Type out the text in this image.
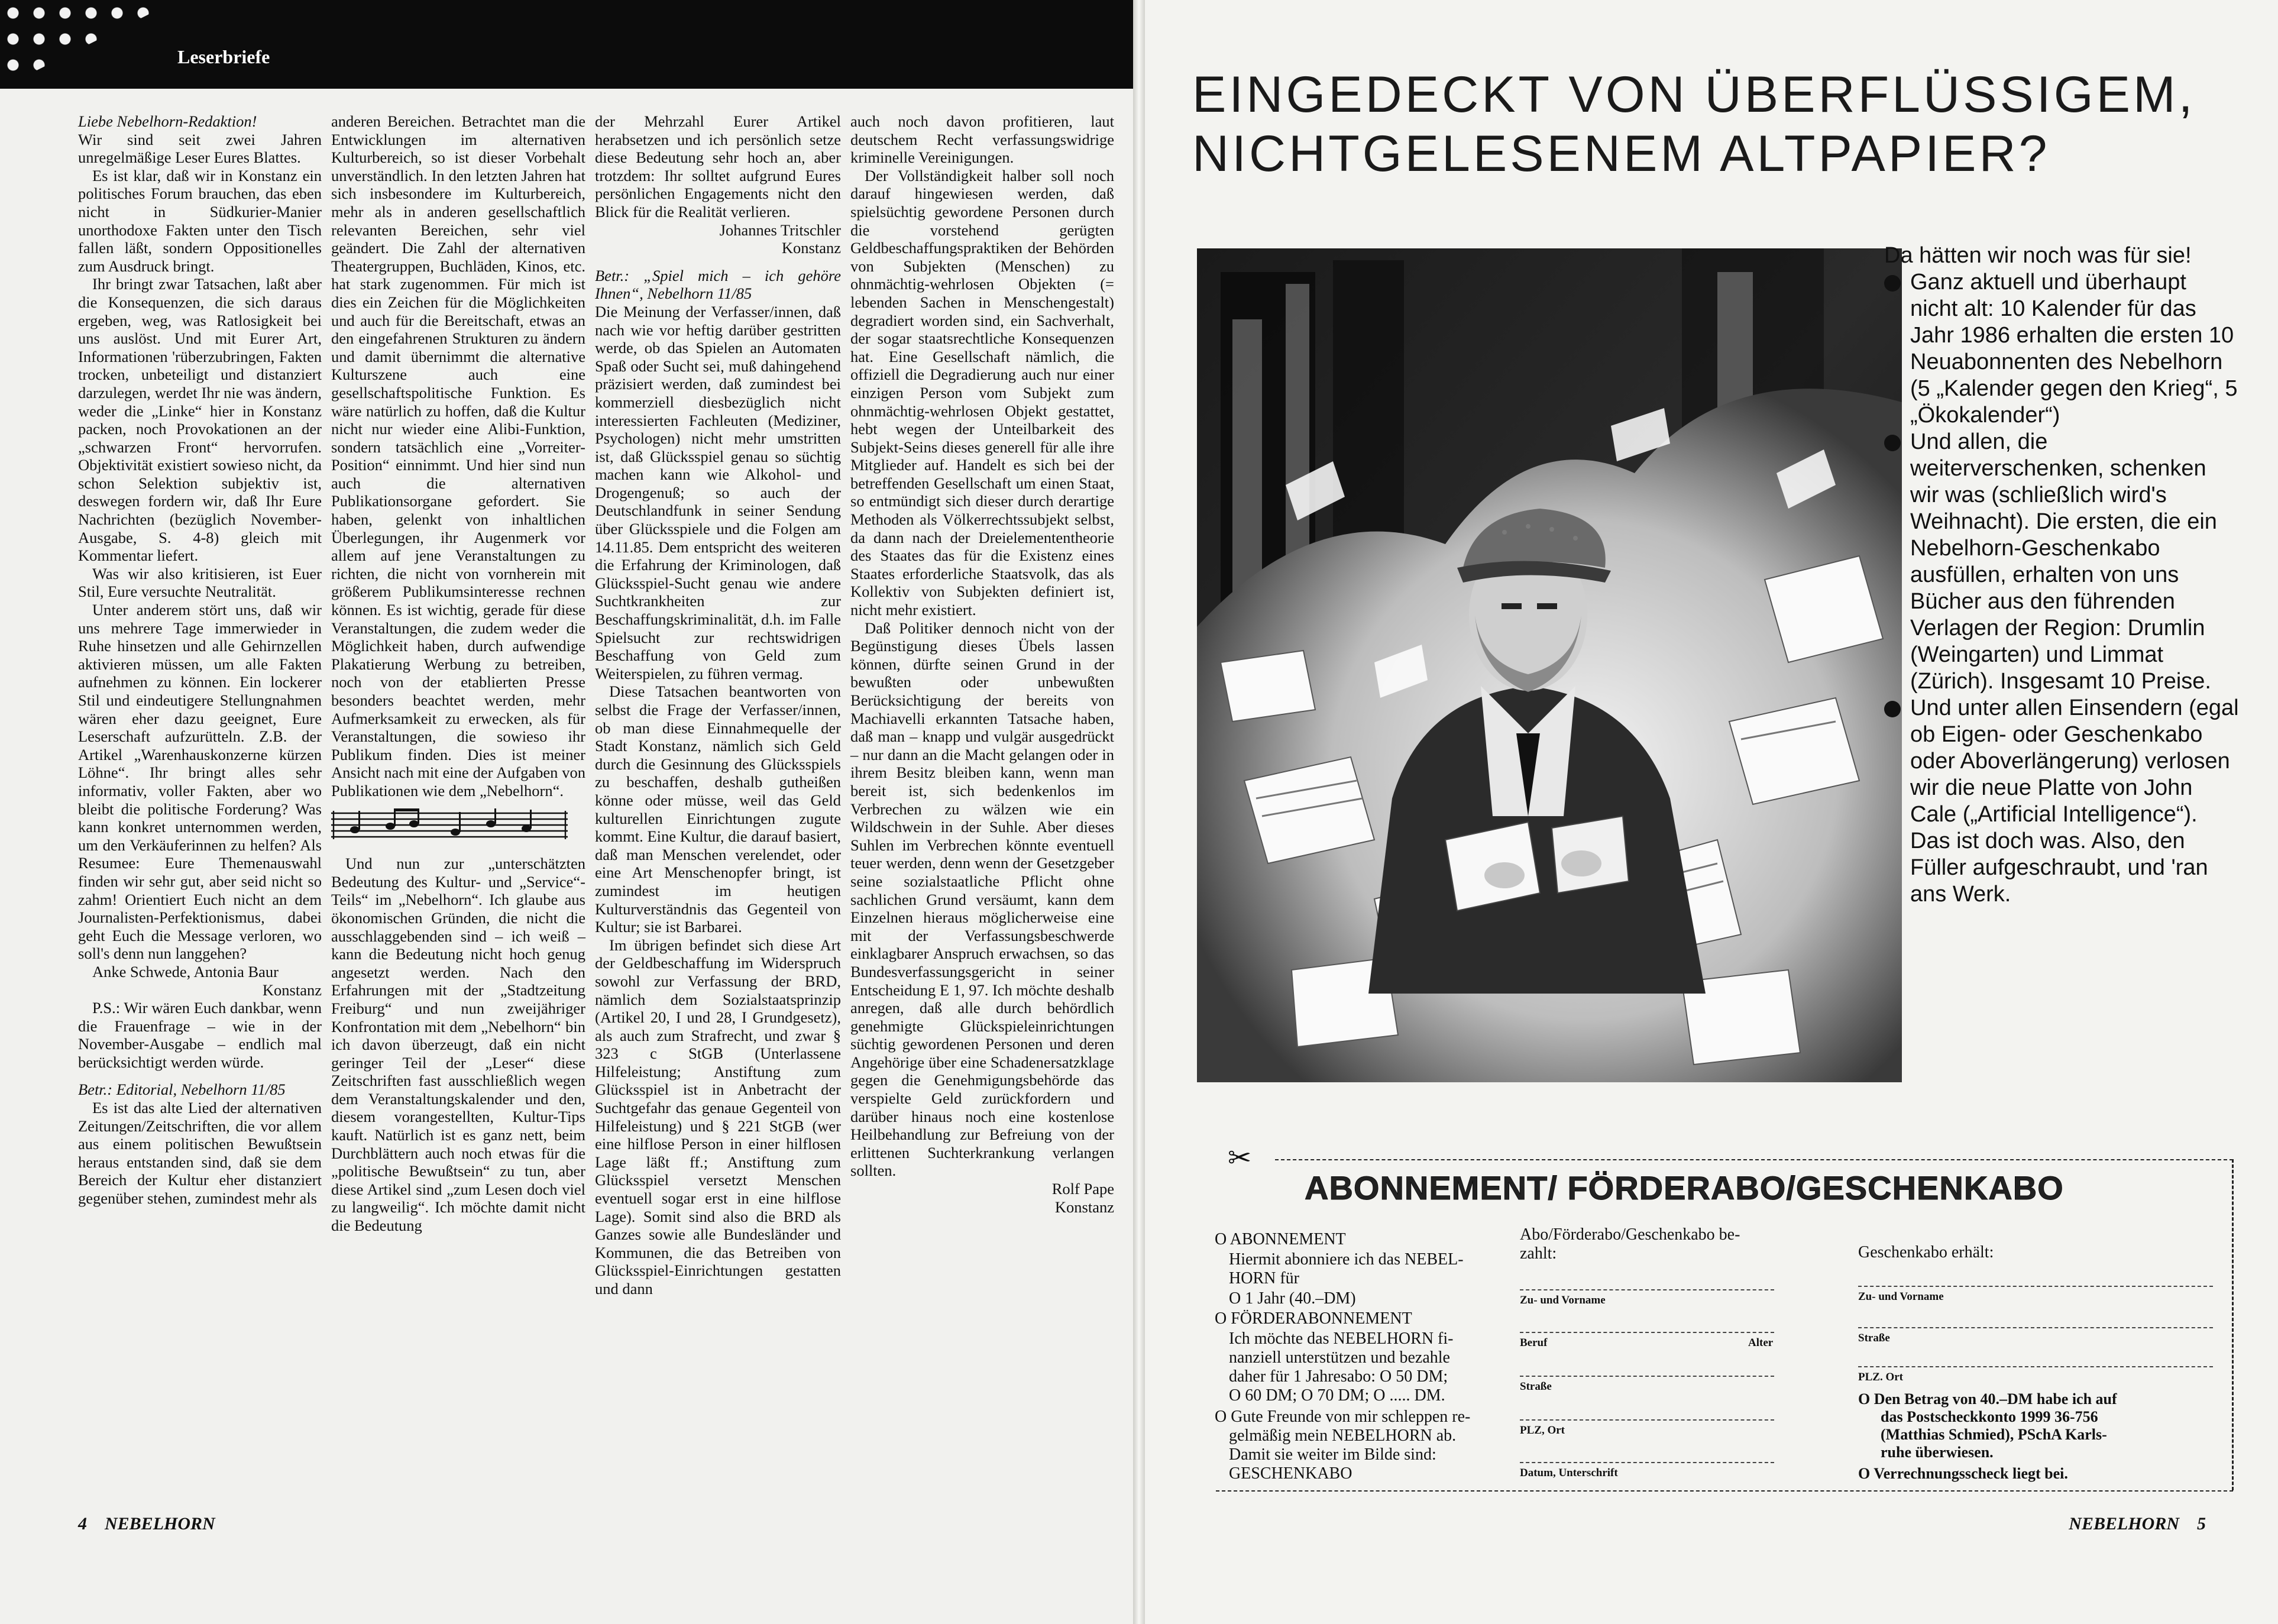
Leserbriefe

Liebe Nebelhorn-Redaktion!

Wir sind seit zwei Jahren unregelmäßige Leser Eures Blattes.

Es ist klar, daß wir in Konstanz ein politisches Forum brauchen, das eben nicht in Südkurier-Manier unorthodoxe Fakten unter den Tisch fallen läßt, sondern Oppositionelles zum Ausdruck bringt.

Ihr bringt zwar Tatsachen, laßt aber die Konsequenzen, die sich daraus ergeben, weg, was Ratlosigkeit bei uns auslöst. Und mit Eurer Art, Informationen 'rüberzubringen, Fakten trocken, unbeteiligt und distanziert darzulegen, werdet Ihr nie was ändern, weder die „Linke“ hier in Konstanz packen, noch Provokationen an der „schwarzen Front“ hervorrufen. Objektivität existiert sowieso nicht, da schon Selektion subjektiv ist, deswegen fordern wir, daß Ihr Eure Nachrichten (bezüglich November-Ausgabe, S. 4-8) gleich mit Kommentar liefert.

Was wir also kritisieren, ist Euer Stil, Eure versuchte Neutralität.

Unter anderem stört uns, daß wir uns mehrere Tage immerwieder in Ruhe hinsetzen und alle Gehirnzellen aktivieren müssen, um alle Fakten aufnehmen zu können. Ein lockerer Stil und eindeutigere Stellungnahmen wären eher dazu geeignet, Eure Leserschaft aufzurütteln. Z.B. der Artikel „Warenhauskonzerne kürzen Löhne“. Ihr bringt alles sehr informativ, voller Fakten, aber wo bleibt die politische Forderung? Was kann konkret unternommen werden, um den Verkäuferinnen zu helfen? Als Resumee: Eure Themenauswahl finden wir sehr gut, aber seid nicht so zahm! Orientiert Euch nicht an dem Journalisten-Perfektionismus, dabei geht Euch die Message verloren, wo soll's denn nun langgehen?

Anke Schwede, Antonia Baur

Konstanz

P.S.: Wir wären Euch dankbar, wenn die Frauenfrage – wie in der November-Ausgabe – endlich mal berücksichtigt werden würde.

Betr.: Editorial, Nebelhorn 11/85

Es ist das alte Lied der alternativen Zeitungen/Zeitschriften, die vor allem aus einem politischen Bewußtsein heraus entstanden sind, daß sie dem Bereich der Kultur eher distanziert gegenüber stehen, zumindest mehr als

anderen Bereichen. Betrachtet man die Entwicklungen im alternativen Kulturbereich, so ist dieser Vorbehalt unverständlich. In den letzten Jahren hat sich insbesondere im Kulturbereich, mehr als in anderen gesellschaftlich relevanten Bereichen, sehr viel geändert. Die Zahl der alternativen Theatergruppen, Buchläden, Kinos, etc. hat stark zugenommen. Für mich ist dies ein Zeichen für die Möglichkeiten und auch für die Bereitschaft, etwas an den eingefahrenen Strukturen zu ändern und damit übernimmt die alternative Kulturszene auch eine gesellschaftspolitische Funktion. Es wäre natürlich zu hoffen, daß die Kultur nicht nur wieder eine Alibi-Funktion, sondern tatsächlich eine „Vorreiter-Position“ einnimmt. Und hier sind nun auch die alternativen Publikationsorgane gefordert. Sie haben, gelenkt von inhaltlichen Überlegungen, ihr Augenmerk vor allem auf jene Veranstaltungen zu richten, die nicht von vornherein mit größerem Publikumsinteresse rechnen können. Es ist wichtig, gerade für diese Veranstaltungen, die zudem weder die Möglichkeit haben, durch aufwendige Plakatierung Werbung zu betreiben, noch von der etablierten Presse besonders beachtet werden, mehr Aufmerksamkeit zu erwecken, als für Veranstaltungen, die sowieso ihr Publikum finden. Dies ist meiner Ansicht nach mit eine der Aufgaben von Publikationen wie dem „Nebelhorn“.

Und nun zur „unterschätzten Bedeutung des Kultur- und „Service“-Teils“ im „Nebelhorn“. Ich glaube aus ökonomischen Gründen, die nicht die ausschlaggebenden sind – ich weiß – kann die Bedeutung nicht hoch genug angesetzt werden. Nach den Erfahrungen mit der „Stadtzeitung Freiburg“ und nun zweijähriger Konfrontation mit dem „Nebelhorn“ bin ich davon überzeugt, daß ein nicht geringer Teil der „Leser“ diese Zeitschriften fast ausschließlich wegen dem Veranstaltungskalender und den, diesem vorangestellten, Kultur-Tips kauft. Natürlich ist es ganz nett, beim Durchblättern auch noch etwas für die „politische Bewußtsein“ zu tun, aber diese Artikel sind „zum Lesen doch viel zu langweilig“. Ich möchte damit nicht die Bedeutung

der Mehrzahl Eurer Artikel herabsetzen und ich persönlich setze diese Bedeutung sehr hoch an, aber trotzdem: Ihr solltet aufgrund Eures persönlichen Engagements nicht den Blick für die Realität verlieren.

Johannes Tritschler

Konstanz

Betr.: „Spiel mich – ich gehöre Ihnen“, Nebelhorn 11/85

Die Meinung der Verfasser/innen, daß nach wie vor heftig darüber gestritten werde, ob das Spielen an Automaten Spaß oder Sucht sei, muß dahingehend präzisiert werden, daß zumindest bei kommerziell diesbezüglich nicht interessierten Fachleuten (Mediziner, Psychologen) nicht mehr umstritten ist, daß Glücksspiel genau so süchtig machen kann wie Alkohol- und Drogengenuß; so auch der Deutschlandfunk in seiner Sendung über Glücksspiele und die Folgen am 14.11.85. Dem entspricht des weiteren die Erfahrung der Kriminologen, daß Glücksspiel-Sucht genau wie andere Suchtkrankheiten zur Beschaffungskriminalität, d.h. im Falle Spielsucht zur rechtswidrigen Beschaffung von Geld zum Weiterspielen, zu führen vermag.

Diese Tatsachen beantworten von selbst die Frage der Verfasser/innen, ob man diese Einnahmequelle der Stadt Konstanz, nämlich sich Geld durch die Gesinnung des Glücksspiels zu beschaffen, deshalb gutheißen könne oder müsse, weil das Geld kulturellen Einrichtungen zugute kommt. Eine Kultur, die darauf basiert, daß man Menschen verelendet, oder eine Art Menschenopfer bringt, ist zumindest im heutigen Kulturverständnis das Gegenteil von Kultur; sie ist Barbarei.

Im übrigen befindet sich diese Art der Geldbeschaffung im Widerspruch sowohl zur Verfassung der BRD, nämlich dem Sozialstaatsprinzip (Artikel 20, I und 28, I Grundgesetz), als auch zum Strafrecht, und zwar § 323 c StGB (Unterlassene Hilfeleistung; Anstiftung zum Glücksspiel ist in Anbetracht der Suchtgefahr das genaue Gegenteil von Hilfeleistung) und § 221 StGB (wer eine hilflose Person in einer hilflosen Lage läßt ff.; Anstiftung zum Glücksspiel versetzt Menschen eventuell sogar erst in eine hilflose Lage). Somit sind also die BRD als Ganzes sowie alle Bundesländer und Kommunen, die das Betreiben von Glücksspiel-Einrichtungen gestatten und dann

auch noch davon profitieren, laut deutschem Recht verfassungswidrige kriminelle Vereinigungen.

Der Vollständigkeit halber soll noch darauf hingewiesen werden, daß spielsüchtig gewordene Personen durch die vorstehend gerügten Geldbeschaffungspraktiken der Behörden von Subjekten (Menschen) zu ohnmächtig-wehrlosen Objekten (= lebenden Sachen in Menschengestalt) degradiert worden sind, ein Sachverhalt, der sogar staatsrechtliche Konsequenzen hat. Eine Gesellschaft nämlich, die offiziell die Degradierung auch nur einer einzigen Person vom Subjekt zum ohnmächtig-wehrlosen Objekt gestattet, hebt wegen der Unteilbarkeit des Subjekt-Seins dieses generell für alle ihre Mitglieder auf. Handelt es sich bei der betreffenden Gesellschaft um einen Staat, so entmündigt sich dieser durch derartige Methoden als Völkerrechtssubjekt selbst, da dann nach der Dreielemententheorie des Staates das für die Existenz eines Staates erforderliche Staatsvolk, das als Kollektiv von Subjekten definiert ist, nicht mehr existiert.

Daß Politiker dennoch nicht von der Begünstigung dieses Übels lassen können, dürfte seinen Grund in der bewußten oder unbewußten Berücksichtigung der bereits von Machiavelli erkannten Tatsache haben, daß man – knapp und vulgär ausgedrückt – nur dann an die Macht gelangen oder in ihrem Besitz bleiben kann, wenn man bereit ist, sich bedenkenlos im Verbrechen zu wälzen wie ein Wildschwein in der Suhle. Aber dieses Suhlen im Verbrechen könnte eventuell teuer werden, denn wenn der Gesetzgeber seine sozialstaatliche Pflicht ohne sachlichen Grund versäumt, kann dem Einzelnen hieraus möglicherweise eine mit der Verfassungsbeschwerde einklagbarer Anspruch erwachsen, so das Bundesverfassungsgericht in seiner Entscheidung E 1, 97. Ich möchte deshalb anregen, daß alle durch behördlich genehmigte Glückspieleinrichtungen süchtig gewordenen Personen und deren Angehörige über eine Schadenersatzklage gegen die Genehmigungsbehörde das verspielte Geld zurückfordern und darüber hinaus noch eine kostenlose Heilbehandlung zur Befreiung von der erlittenen Suchterkrankung verlangen sollten.

Rolf Pape

Konstanz

4 NEBELHORN
EINGEDECKT VON ÜBERFLÜSSIGEM,
NICHTGELESENEM ALTPAPIER?
Da hätten wir noch was für sie!
Ganz aktuell und überhaupt nicht alt: 10 Kalender für das Jahr 1986 erhalten die ersten 10 Neuabonnenten des Nebelhorn (5 „Kalender gegen den Krieg“, 5 „Ökokalender“)
Und allen, die weiterverschenken, schenken wir was (schließlich wird's Weihnacht). Die ersten, die ein Nebelhorn-Geschenkabo ausfüllen, erhalten von uns Bücher aus den führenden Verlagen der Region: Drumlin (Weingarten) und Limmat (Zürich). Insgesamt 10 Preise.
Und unter allen Einsendern (egal ob Eigen- oder Geschenkabo oder Aboverlängerung) verlosen wir die neue Platte von John Cale („Artificial Intelligence“).
Das ist doch was. Also, den Füller aufgeschraubt, und 'ran ans Werk.
✂
ABONNEMENT/ FÖRDERABO/GESCHENKABO
O ABONNEMENT
Hiermit abonniere ich das NEBEL-
HORN für
O 1 Jahr (40.–DM)
O FÖRDERABONNEMENT
Ich möchte das NEBELHORN fi-
nanziell unterstützen und bezahle
daher für 1 Jahresabo: O 50 DM;
O 60 DM; O 70 DM; O ..... DM.
O Gute Freunde von mir schleppen re-
gelmäßig mein NEBELHORN ab.
Damit sie weiter im Bilde sind:
GESCHENKABO
Abo/Förderabo/Geschenkabo be-
zahlt:
Zu- und Vorname
Beruf	Alter
Straße
PLZ, Ort
Datum, Unterschrift
Geschenkabo erhält:
Zu- und Vorname
Straße
PLZ. Ort
O Den Betrag von 40.–DM habe ich auf
das Postscheckkonto 1999 36-756
(Matthias Schmied), PSchA Karls-
ruhe überwiesen.
O Verrechnungsscheck liegt bei.
NEBELHORN 5
